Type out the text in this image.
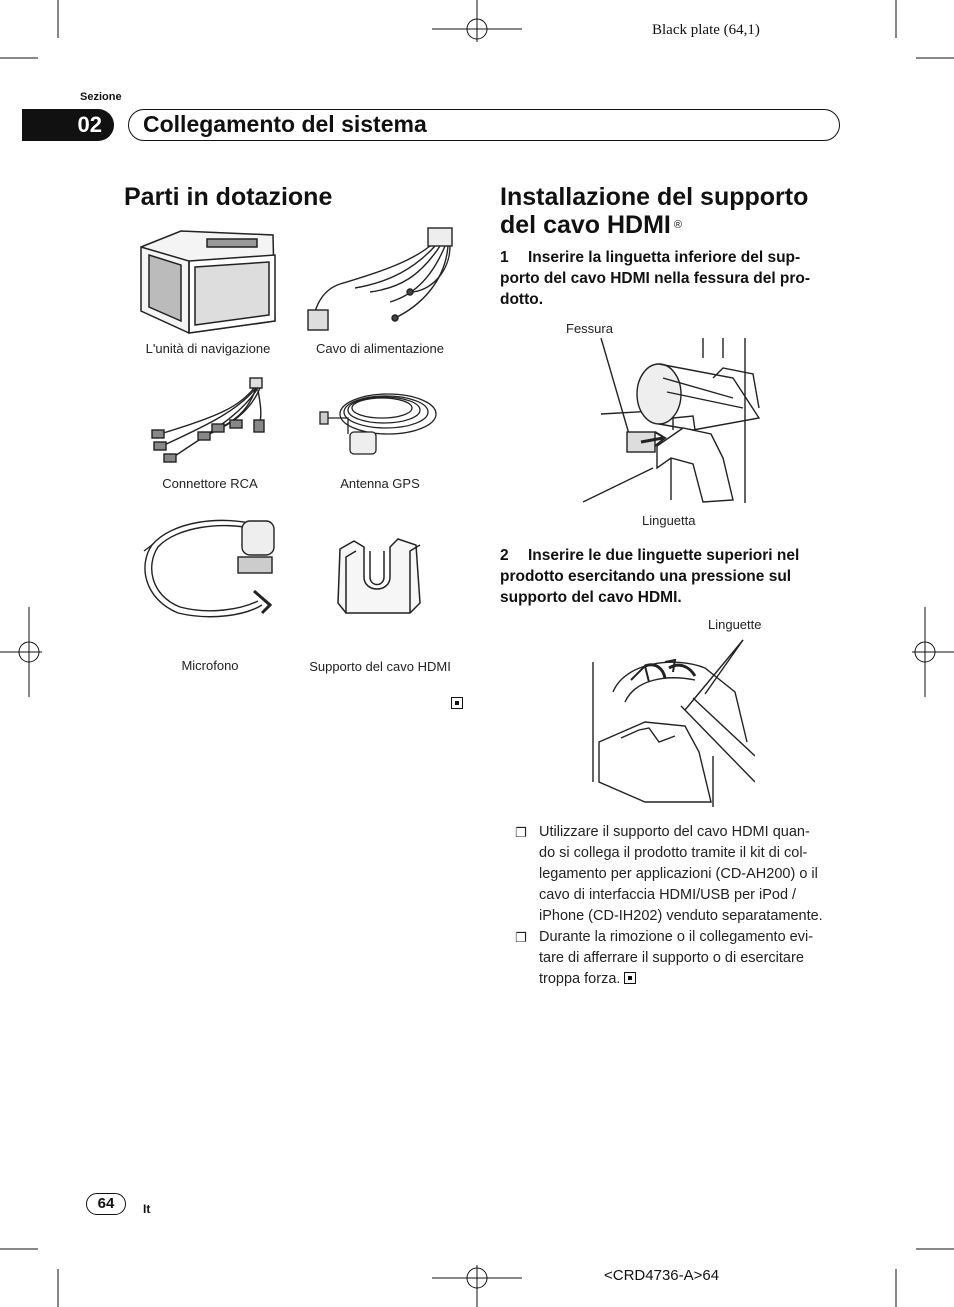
Black plate (64,1)
Sezione
02	Collegamento del sistema
Parti in dotazione
L'unità di navigazione	Cavo di alimentazione
Connettore RCA	Antenna GPS
Microfono	Supporto del cavo HDMI
Installazione del supporto
del cavo HDMI ®
1 Inserire la linguetta inferiore del sup-
porto del cavo HDMI nella fessura del pro-
dotto.
Fessura
Linguetta
2 Inserire le due linguette superiori nel
prodotto esercitando una pressione sul
supporto del cavo HDMI.
Linguette
❐ Utilizzare il supporto del cavo HDMI quan-
do si collega il prodotto tramite il kit di col-
legamento per applicazioni (CD-AH200) o il
cavo di interfaccia HDMI/USB per iPod /
iPhone (CD-IH202) venduto separatamente.
❐ Durante la rimozione o il collegamento evi-
tare di afferrare il supporto o di esercitare
troppa forza.
64	It
<CRD4736-A>64
